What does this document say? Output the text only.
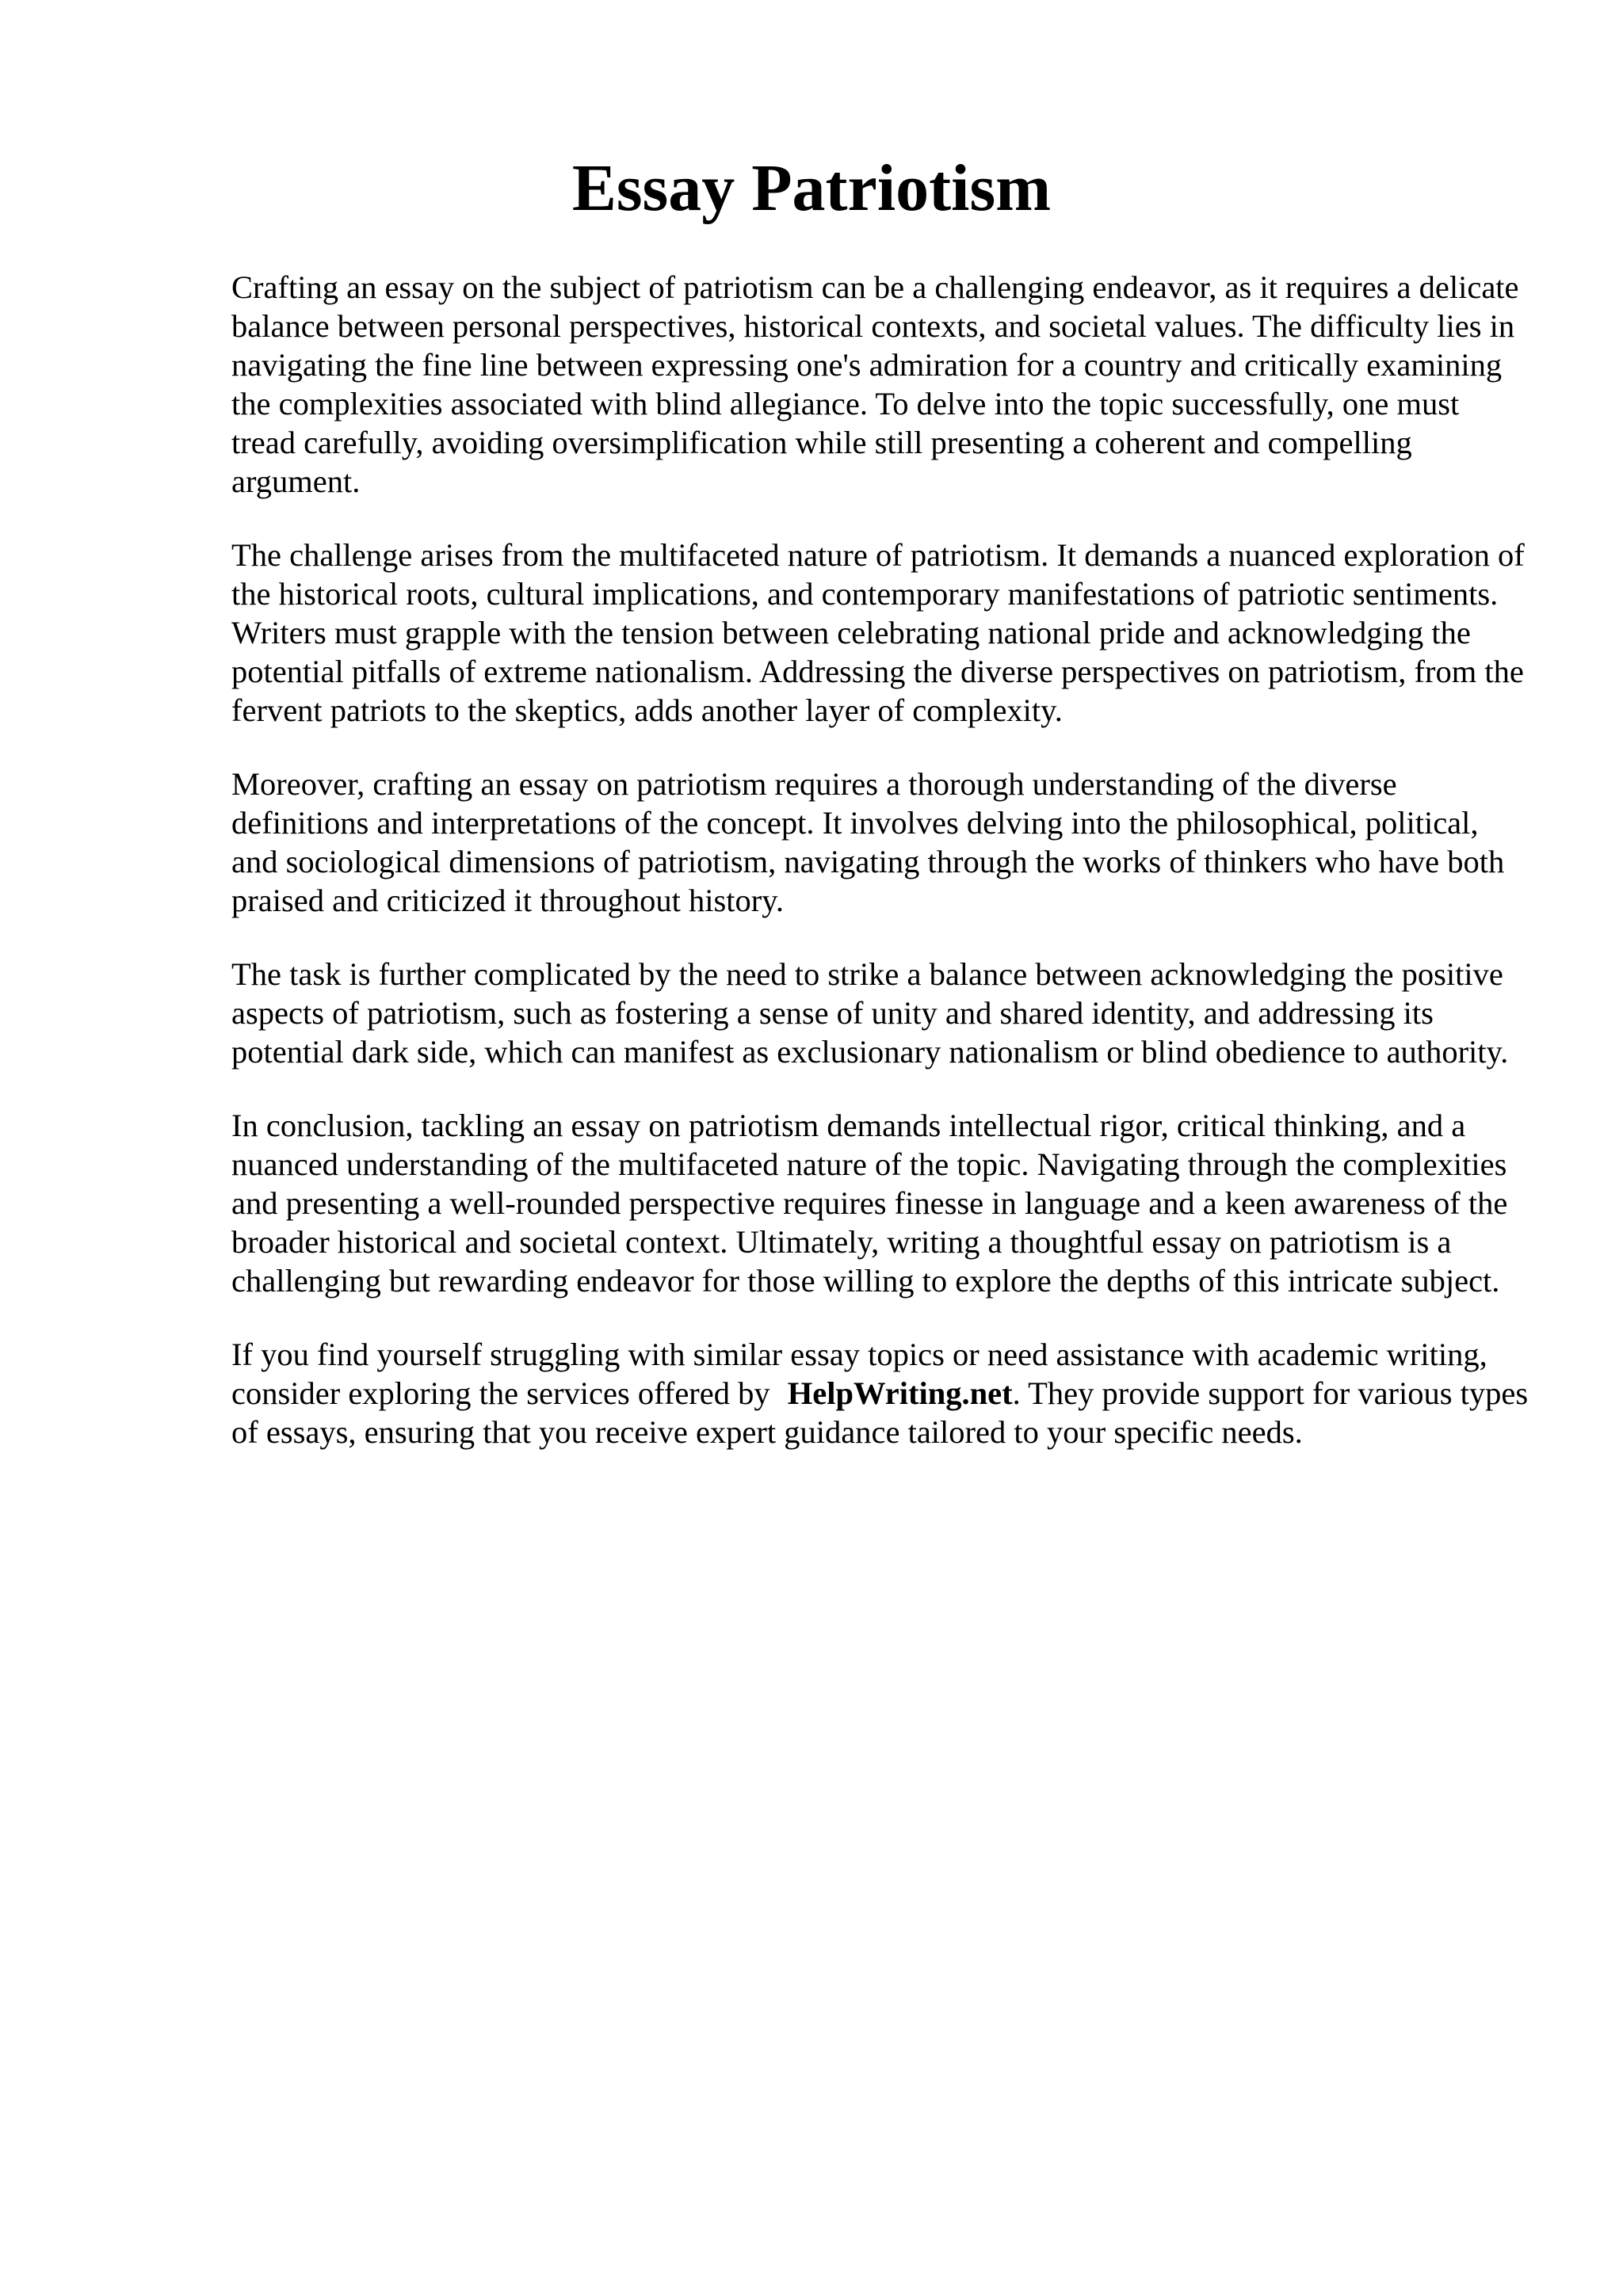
Essay Patriotism

Crafting an essay on the subject of patriotism can be a challenging endeavor, as it requires a delicate balance between personal perspectives, historical contexts, and societal values. The difficulty lies in navigating the fine line between expressing one's admiration for a country and critically examining the complexities associated with blind allegiance. To delve into the topic successfully, one must tread carefully, avoiding oversimplification while still presenting a coherent and compelling argument.

The challenge arises from the multifaceted nature of patriotism. It demands a nuanced exploration of the historical roots, cultural implications, and contemporary manifestations of patriotic sentiments. Writers must grapple with the tension between celebrating national pride and acknowledging the potential pitfalls of extreme nationalism. Addressing the diverse perspectives on patriotism, from the fervent patriots to the skeptics, adds another layer of complexity.

Moreover, crafting an essay on patriotism requires a thorough understanding of the diverse definitions and interpretations of the concept. It involves delving into the philosophical, political, and sociological dimensions of patriotism, navigating through the works of thinkers who have both praised and criticized it throughout history.

The task is further complicated by the need to strike a balance between acknowledging the positive aspects of patriotism, such as fostering a sense of unity and shared identity, and addressing its potential dark side, which can manifest as exclusionary nationalism or blind obedience to authority.

In conclusion, tackling an essay on patriotism demands intellectual rigor, critical thinking, and a nuanced understanding of the multifaceted nature of the topic. Navigating through the complexities and presenting a well-rounded perspective requires finesse in language and a keen awareness of the broader historical and societal context. Ultimately, writing a thoughtful essay on patriotism is a challenging but rewarding endeavor for those willing to explore the depths of this intricate subject.

If you find yourself struggling with similar essay topics or need assistance with academic writing, consider exploring the services offered by HelpWriting.net. They provide support for various types of essays, ensuring that you receive expert guidance tailored to your specific needs.
